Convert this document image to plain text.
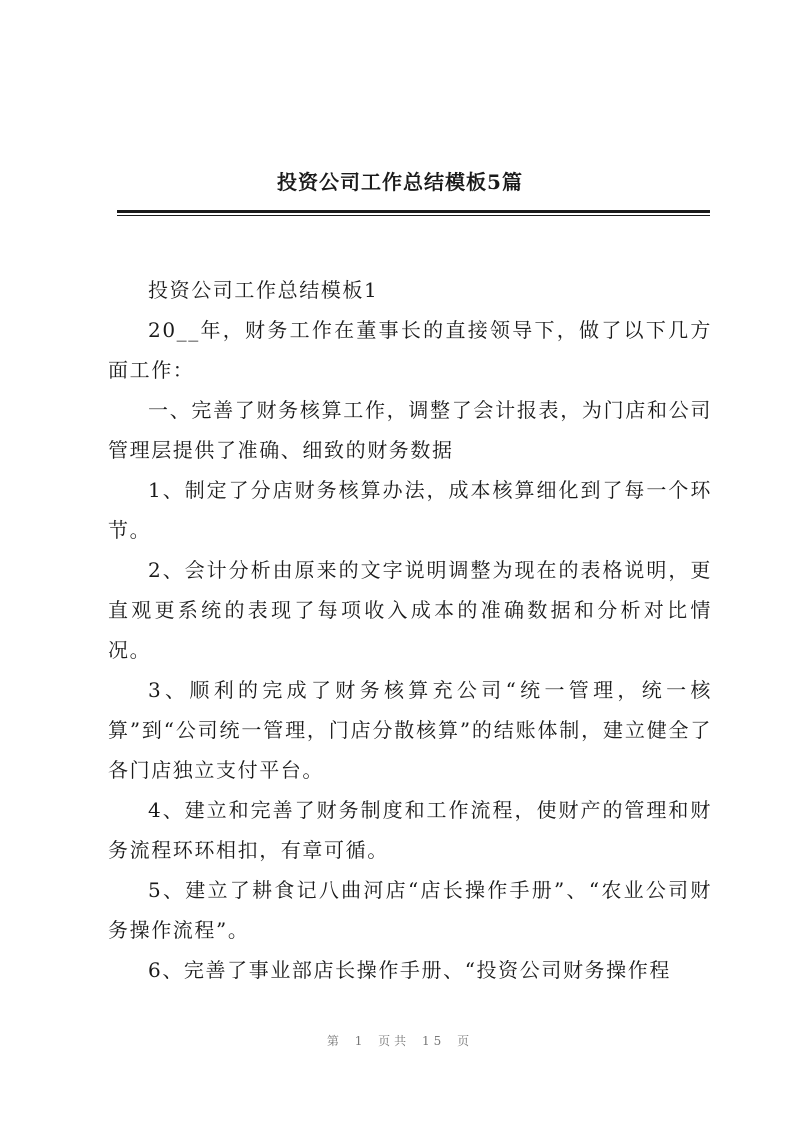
投资公司工作总结模板5篇

投资公司工作总结模板1

20__年，财务工作在董事长的直接领导下，做了以下几方面工作：

一、完善了财务核算工作，调整了会计报表，为门店和公司管理层提供了准确、细致的财务数据

1、制定了分店财务核算办法，成本核算细化到了每一个环节。

2、会计分析由原来的文字说明调整为现在的表格说明，更直观更系统的表现了每项收入成本的准确数据和分析对比情况。

3、顺利的完成了财务核算充公司“统一管理，统一核算”到“公司统一管理，门店分散核算”的结账体制，建立健全了各门店独立支付平台。

4、建立和完善了财务制度和工作流程，使财产的管理和财务流程环环相扣，有章可循。

5、建立了耕食记八曲河店“店长操作手册”、“农业公司财务操作流程”。

6、完善了事业部店长操作手册、“投资公司财务操作程

第 1 页共 15 页
